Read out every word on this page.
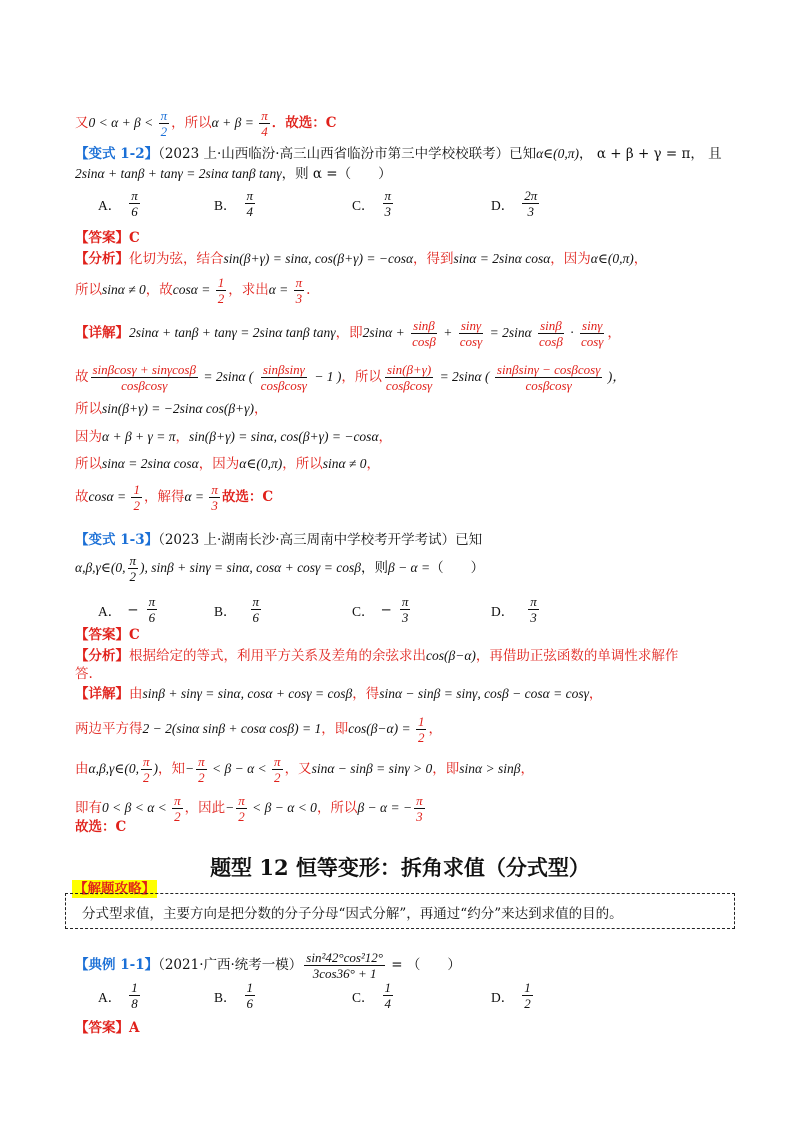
又$0 < \alpha + \beta < \frac{\pi}{2}$ ，所以$\alpha + \beta = \frac{\pi}{4}$ ．故选：C
【变式 1-2】（2023 上·山西临汾·高三山西省临汾市第三中学校校联考）已知α∈(0,π)， α + β + γ = π， 且
2sinα + tanβ + tanγ = 2sinα tanβ tanγ，则 α =（　　）
A． $\frac{\pi}{6}$	B． $\frac{\pi}{4}$	C． $\frac{\pi}{3}$	D． $\frac{2\pi}{3}$
【答案】C
【分析】化切为弦，结合sin(β+γ) = sinα, cos(β+γ) = −cosα，得到sinα = 2sinα cosα，因为α∈(0,π)，
所以sinα ≠ 0，故$\cos\alpha = \frac{1}{2}$ ，求出$\alpha = \frac{\pi}{3}$ .
【详解】2sinα + tanβ + tanγ = 2sinα tanβ tanγ，即$2\sin\alpha + \frac{\sin\beta}{\cos\beta} + \frac{\sin\gamma}{\cos\gamma} = 2\sin\alpha \frac{\sin\beta}{\cos\beta} \cdot \frac{\sin\gamma}{\cos\gamma}$ ，
故 $\frac{\sin\beta\cos\gamma + \sin\gamma\cos\beta}{\cos\beta\cos\gamma} = 2\sin\alpha$ ( $\frac{\sin\beta\sin\gamma}{\cos\beta\cos\gamma} - 1$ )，所以 $\frac{\sin(\beta+\gamma)}{\cos\beta\cos\gamma} = 2\sin\alpha$ ( $\frac{\sin\beta\sin\gamma - \cos\beta\cos\gamma}{\cos\beta\cos\gamma}$ )，
所以sin(β+γ) = −2sinα cos(β+γ)，
因为α + β + γ = π，sin(β+γ) = sinα, cos(β+γ) = −cosα，
所以sinα = 2sinα cosα，因为α∈(0,π)，所以sinα ≠ 0，
故$\cos\alpha = \frac{1}{2}$ ，解得$\alpha = \frac{\pi}{3}$ 故选：C
【变式 1-3】（2023 上·湖南长沙·高三周南中学校考开学考试）已知
α,β,γ∈(0, $\frac{\pi}{2}$ ), sinβ + sinγ = sinα, cosα + cosγ = cosβ，则β − α =（　　）
A． − $\frac{\pi}{6}$	B． $\frac{\pi}{6}$	C． − $\frac{\pi}{3}$	D． $\frac{\pi}{3}$
【答案】C
【分析】根据给定的等式，利用平方关系及差角的余弦求出cos(β−α)，再借助正弦函数的单调性求解作
答.
【详解】由sinβ + sinγ = sinα, cosα + cosγ = cosβ，得sinα − sinβ = sinγ, cosβ − cosα = cosγ，
两边平方得2 − 2(sinα sinβ + cosα cosβ) = 1，即$\cos(\beta-\alpha) = \frac{1}{2}$ ，
由α,β,γ∈(0, $\frac{\pi}{2}$ )，知− $\frac{\pi}{2} < \beta - \alpha < \frac{\pi}{2}$ ，又sinα − sinβ = sinγ > 0，即sinα > sinβ，
即有$0 < \beta < \alpha < \frac{\pi}{2}$ ，因此− $\frac{\pi}{2} < \beta - \alpha < 0$，所以β − α = − $\frac{\pi}{3}$
故选：C
题型 12 恒等变形：拆角求值（分式型）
【解题攻略】
分式型求值，主要方向是把分数的分子分母“因式分解”，再通过“约分”来达到求值的目的。
【典例 1-1】（2021·广西·统考一模） $\frac{\text{sin²42°cos²12°}}{3\cos 36^\circ + 1}$ = （　　）
A． $\frac{1}{8}$	B． $\frac{1}{6}$	C． $\frac{1}{4}$	D． $\frac{1}{2}$
【答案】A
